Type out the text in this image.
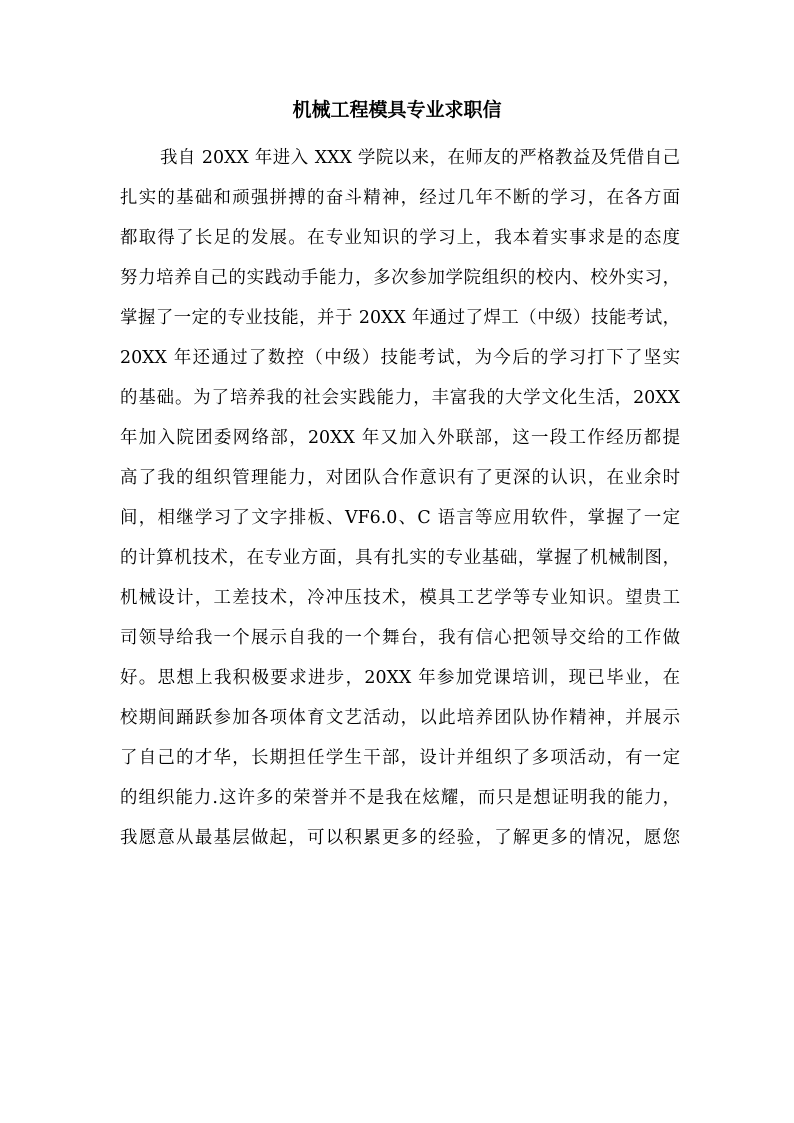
机械工程模具专业求职信
我自 20XX 年进入 XXX 学院以来，在师友的严格教益及凭借自己
扎实的基础和顽强拼搏的奋斗精神，经过几年不断的学习，在各方面
都取得了长足的发展。在专业知识的学习上，我本着实事求是的态度
努力培养自己的实践动手能力，多次参加学院组织的校内、校外实习，
掌握了一定的专业技能，并于 20XX 年通过了焊工（中级）技能考试，
20XX 年还通过了数控（中级）技能考试，为今后的学习打下了坚实
的基础。为了培养我的社会实践能力，丰富我的大学文化生活，20XX
年加入院团委网络部，20XX 年又加入外联部，这一段工作经历都提
高了我的组织管理能力，对团队合作意识有了更深的认识，在业余时
间，相继学习了文字排板、VF6.0、C 语言等应用软件，掌握了一定
的计算机技术，在专业方面，具有扎实的专业基础，掌握了机械制图，
机械设计，工差技术，冷冲压技术，模具工艺学等专业知识。望贵工
司领导给我一个展示自我的一个舞台，我有信心把领导交给的工作做
好。思想上我积极要求进步，20XX 年参加党课培训，现已毕业，在
校期间踊跃参加各项体育文艺活动，以此培养团队协作精神，并展示
了自己的才华，长期担任学生干部，设计并组织了多项活动，有一定
的组织能力.这许多的荣誉并不是我在炫耀，而只是想证明我的能力，
我愿意从最基层做起，可以积累更多的经验，了解更多的情况，愿您
